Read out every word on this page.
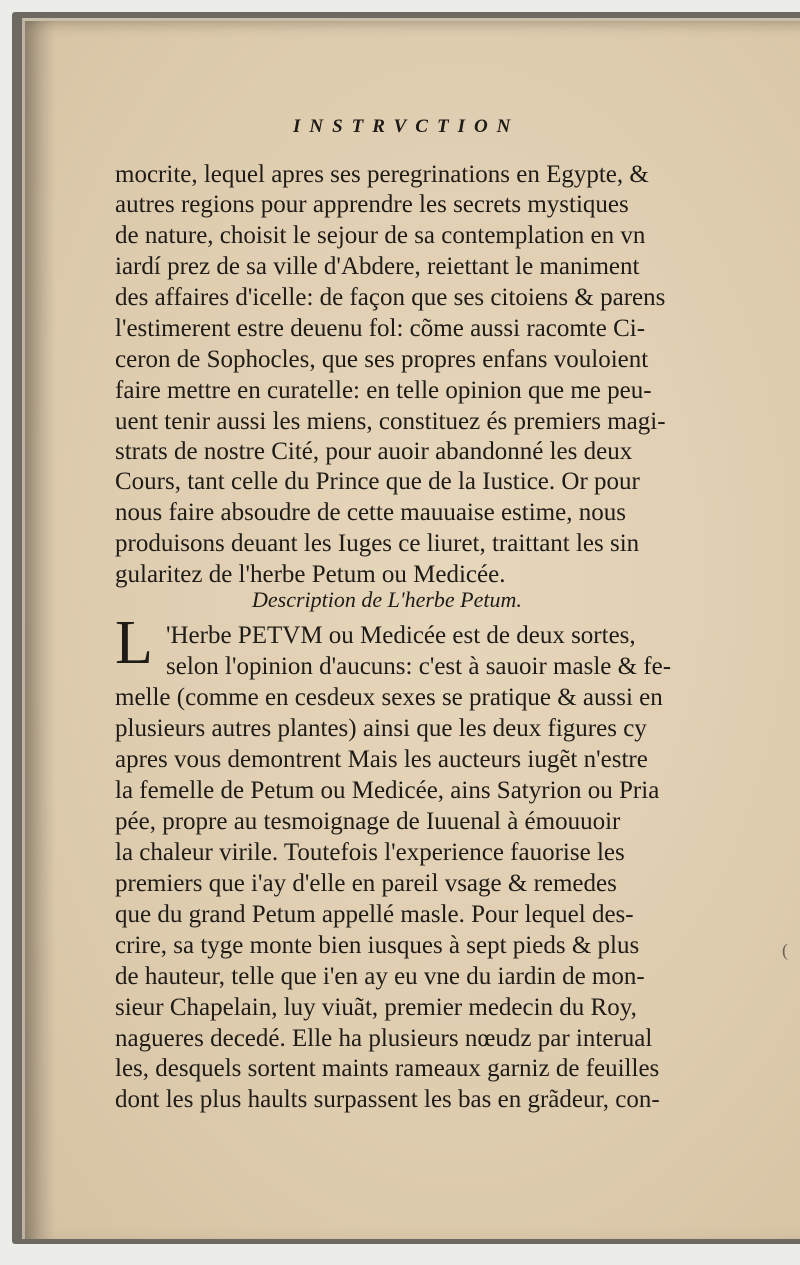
INSTRVCTION
mocrite, lequel apres ses peregrinations en Egypte, &
autres regions pour apprendre les secrets mystiques
de nature, choisit le sejour de sa contemplation en vn
iardí prez de sa ville d'Abdere, reiettant le maniment
des affaires d'icelle: de façon que ses citoiens & parens
l'estimerent estre deuenu fol: cõme aussi racomte Ci-
ceron de Sophocles, que ses propres enfans vouloient
faire mettre en curatelle: en telle opinion que me peu-
uent tenir aussi les miens, constituez és premiers magi-
strats de nostre Cité, pour auoir abandonné les deux
Cours, tant celle du Prince que de la Iustice. Or pour
nous faire absoudre de cette mauuaise estime, nous
produisons deuant les Iuges ce liuret, traittant les sin
gularitez de l'herbe Petum ou Medicée.
Description de L'herbe Petum.
L 'Herbe PETVM ou Medicée est de deux sortes,
selon l'opinion d'aucuns: c'est à sauoir masle & fe-
melle (comme en cesdeux sexes se pratique & aussi en
plusieurs autres plantes) ainsi que les deux figures cy
apres vous demontrent Mais les aucteurs iugẽt n'estre
la femelle de Petum ou Medicée, ains Satyrion ou Pria
pée, propre au tesmoignage de Iuuenal à émouuoir
la chaleur virile. Toutefois l'experience fauorise les
premiers que i'ay d'elle en pareil vsage & remedes
que du grand Petum appellé masle. Pour lequel des-
crire, sa tyge monte bien iusques à sept pieds & plus
de hauteur, telle que i'en ay eu vne du iardin de mon-
sieur Chapelain, luy viuãt, premier medecin du Roy,
nagueres decedé. Elle ha plusieurs nœudz par interual
les, desquels sortent maints rameaux garniz de feuilles
dont les plus haults surpassent les bas en grãdeur, con-
(
